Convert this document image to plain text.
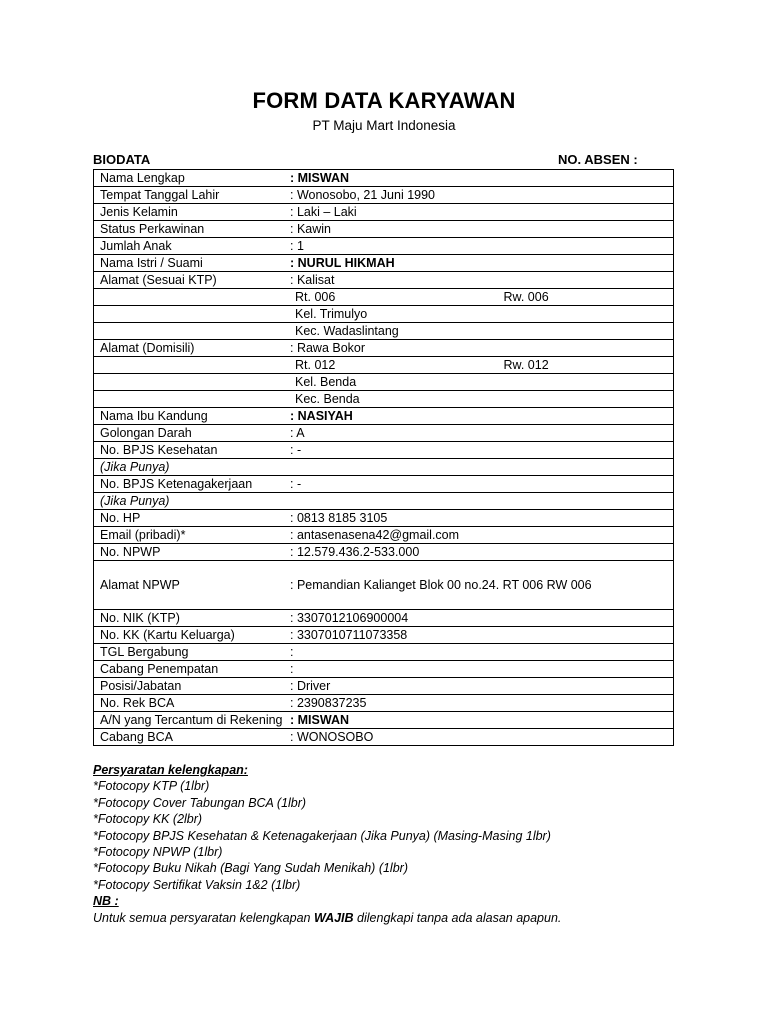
FORM DATA KARYAWAN
PT Maju Mart Indonesia
BIODATA	NO. ABSEN :
Nama Lengkap	: MISWAN
Tempat Tanggal Lahir	: Wonosobo, 21 Juni 1990
Jenis Kelamin	: Laki – Laki
Status Perkawinan	: Kawin
Jumlah Anak	: 1
Nama Istri / Suami	: NURUL HIKMAH
Alamat (Sesuai KTP)	: Kalisat
	Rt. 006 Rw. 006

	Kel. Trimulyo
	Kec. Wadaslintang
Alamat (Domisili)	: Rawa Bokor
	Rt. 012 Rw. 012

	Kel. Benda
	Kec. Benda
Nama Ibu Kandung	: NASIYAH
Golongan Darah	: A
No. BPJS Kesehatan	: -
(Jika Punya)	
No. BPJS Ketenagakerjaan	: -
(Jika Punya)	
No. HP	: 0813 8185 3105
Email (pribadi)*	: antasenasena42@gmail.com
No. NPWP	: 12.579.436.2-533.000
Alamat NPWP	: Pemandian Kalianget Blok 00 no.24. RT 006 RW 006
No. NIK (KTP)	: 3307012106900004
No. KK (Kartu Keluarga)	: 3307010711073358
TGL Bergabung	:
Cabang Penempatan	:
Posisi/Jabatan	: Driver
No. Rek BCA	: 2390837235
A/N yang Tercantum di Rekening	: MISWAN
Cabang BCA	: WONOSOBO
Persyaratan kelengkapan:
*Fotocopy KTP (1lbr)
*Fotocopy Cover Tabungan BCA (1lbr)
*Fotocopy KK (2lbr)
*Fotocopy BPJS Kesehatan & Ketenagakerjaan (Jika Punya) (Masing-Masing 1lbr)
*Fotocopy NPWP (1lbr)
*Fotocopy Buku Nikah (Bagi Yang Sudah Menikah) (1lbr)
*Fotocopy Sertifikat Vaksin 1&2 (1lbr)
NB :
Untuk semua persyaratan kelengkapan WAJIB dilengkapi tanpa ada alasan apapun.
